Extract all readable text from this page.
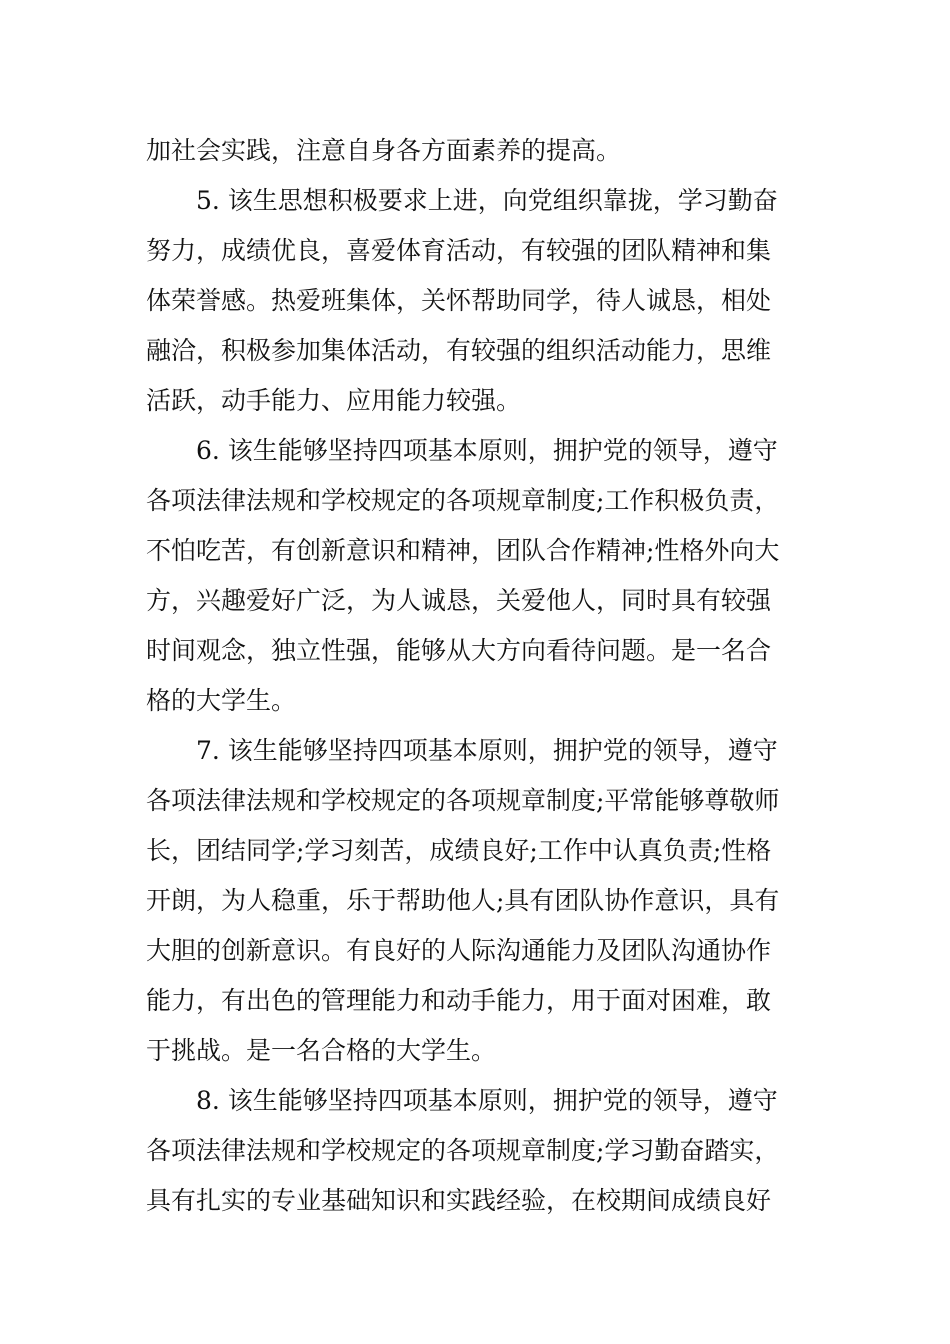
加社会实践，注意自身各方面素养的提高。
5. 该生思想积极要求上进，向党组织靠拢，学习勤奋
努力，成绩优良，喜爱体育活动，有较强的团队精神和集
体荣誉感。热爱班集体，关怀帮助同学，待人诚恳，相处
融洽，积极参加集体活动，有较强的组织活动能力，思维
活跃，动手能力、应用能力较强。
6. 该生能够坚持四项基本原则，拥护党的领导，遵守
各项法律法规和学校规定的各项规章制度;工作积极负责，
不怕吃苦，有创新意识和精神，团队合作精神;性格外向大
方，兴趣爱好广泛，为人诚恳，关爱他人，同时具有较强
时间观念，独立性强，能够从大方向看待问题。是一名合
格的大学生。
7. 该生能够坚持四项基本原则，拥护党的领导，遵守
各项法律法规和学校规定的各项规章制度;平常能够尊敬师
长，团结同学;学习刻苦，成绩良好;工作中认真负责;性格
开朗，为人稳重，乐于帮助他人;具有团队协作意识，具有
大胆的创新意识。有良好的人际沟通能力及团队沟通协作
能力，有出色的管理能力和动手能力，用于面对困难，敢
于挑战。是一名合格的大学生。
8. 该生能够坚持四项基本原则，拥护党的领导，遵守
各项法律法规和学校规定的各项规章制度;学习勤奋踏实，
具有扎实的专业基础知识和实践经验，在校期间成绩良好
